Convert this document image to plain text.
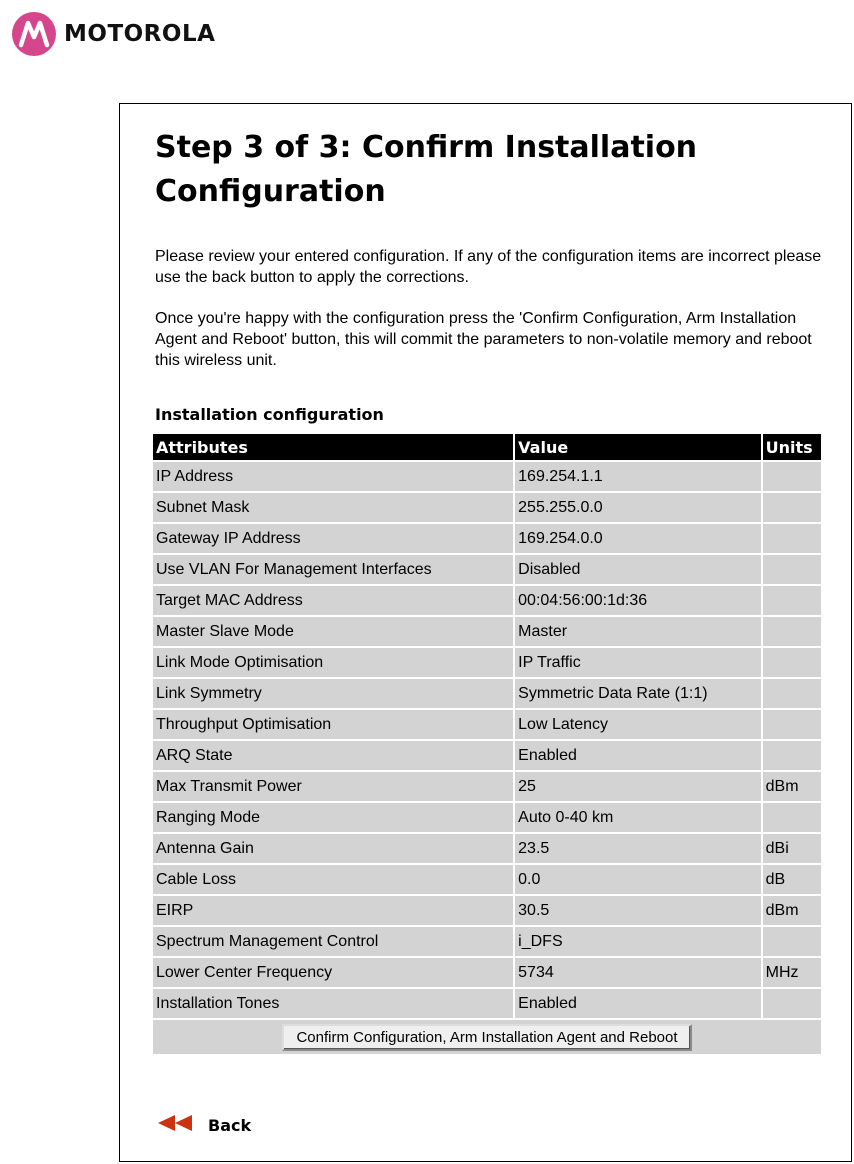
MOTOROLA
Step 3 of 3: Confirm Installation Configuration

Please review your entered configuration. If any of the configuration items are incorrect please use the back button to apply the corrections.

Once you're happy with the configuration press the 'Confirm Configuration, Arm Installation Agent and Reboot' button, this will commit the parameters to non-volatile memory and reboot this wireless unit.

Installation configuration
Attributes	Value	Units
IP Address	169.254.1.1	
Subnet Mask	255.255.0.0	
Gateway IP Address	169.254.0.0	
Use VLAN For Management Interfaces	Disabled	
Target MAC Address	00:04:56:00:1d:36	
Master Slave Mode	Master	
Link Mode Optimisation	IP Traffic	
Link Symmetry	Symmetric Data Rate (1:1)	
Throughput Optimisation	Low Latency	
ARQ State	Enabled	
Max Transmit Power	25	dBm
Ranging Mode	Auto 0-40 km	
Antenna Gain	23.5	dBi
Cable Loss	0.0	dB
EIRP	30.5	dBm
Spectrum Management Control	i_DFS	
Lower Center Frequency	5734	MHz
Installation Tones	Enabled	
Confirm Configuration, Arm Installation Agent and Reboot		
Back
